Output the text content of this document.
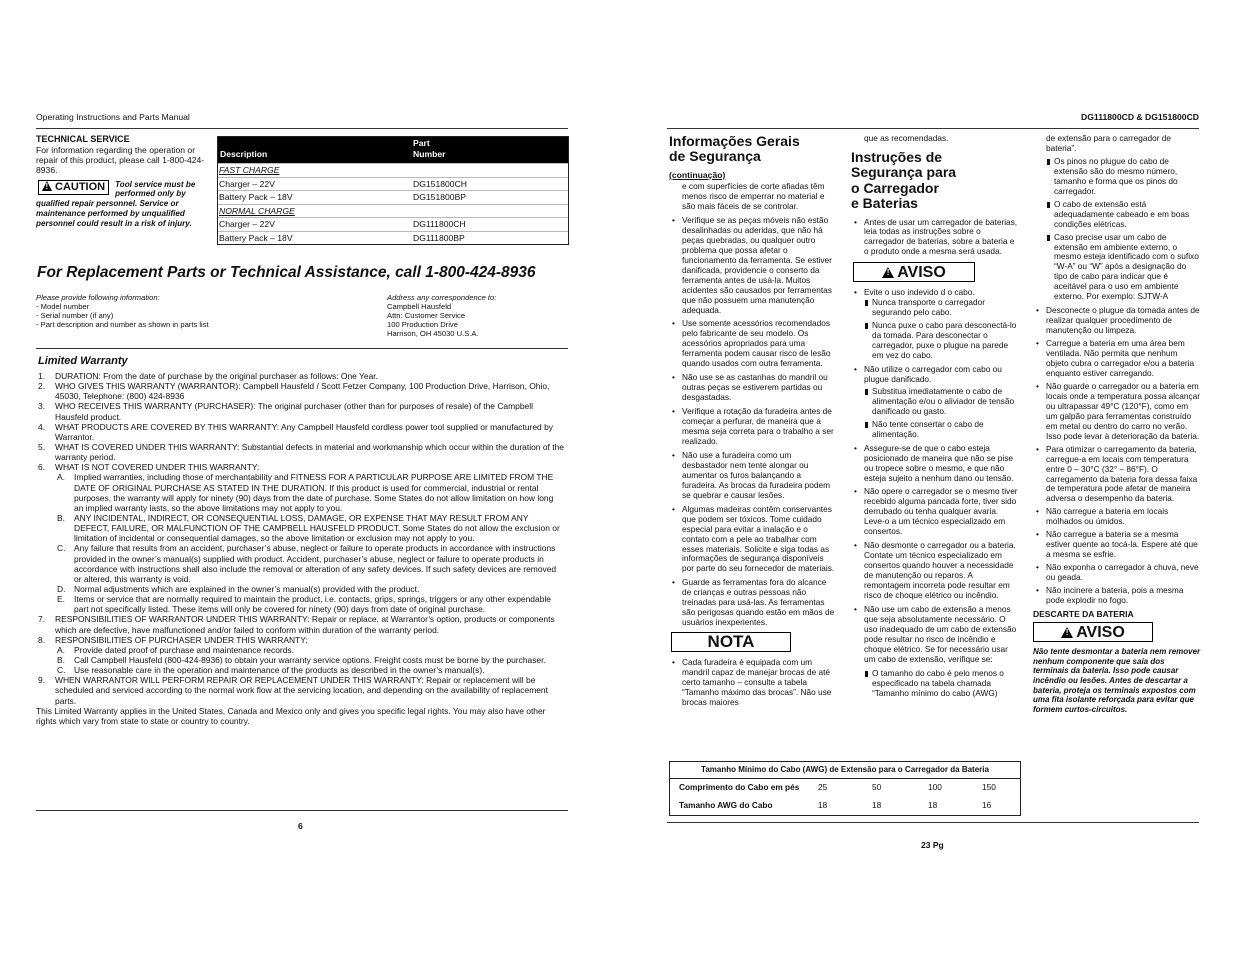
Operating Instructions and Parts Manual	DG111800CD & DG151800CD
TECHNICAL SERVICE
For information regarding the operation or repair of this product, please call 1-800-424-8936.
!CAUTION	Tool service must be performed only by qualified repair personnel. Service or maintenance performed by unqualified personnel could result in a risk of injury.
Description
Part
Number
FAST CHARGE
Charger – 22V	DG151800CH
Battery Pack – 18V	DG151800BP
NORMAL CHARGE
Charger – 22V	DG111800CH
Battery Pack – 18V	DG111800BP
For Replacement Parts or Technical Assistance, call 1-800-424-8936
Please provide following information:
- Model number
- Serial number (if any)
- Part description and number as shown in parts list
Address any correspondence to:
Campbell Hausfeld
Attn: Customer Service
100 Production Drive
Harrison, OH 45030 U.S.A.
Limited Warranty
1. DURATION: From the date of purchase by the original purchaser as follows: One Year.
2. WHO GIVES THIS WARRANTY (WARRANTOR): Campbell Hausfeld / Scott Fetzer Company, 100 Production Drive, Harrison, Ohio, 45030, Telephone: (800) 424-8936
3. WHO RECEIVES THIS WARRANTY (PURCHASER): The original purchaser (other than for purposes of resale) of the Campbell Hausfeld product.
4. WHAT PRODUCTS ARE COVERED BY THIS WARRANTY: Any Campbell Hausfeld cordless power tool supplied or manufactured by Warrantor.
5. WHAT IS COVERED UNDER THIS WARRANTY: Substantial defects in material and workmanship which occur within the duration of the warranty period.
6. WHAT IS NOT COVERED UNDER THIS WARRANTY:
A. Implied warranties, including those of merchantability and FITNESS FOR A PARTICULAR PURPOSE ARE LIMITED FROM THE DATE OF ORIGINAL PURCHASE AS STATED IN THE DURATION. If this product is used for commercial, industrial or rental purposes, the warranty will apply for ninety (90) days from the date of purchase. Some States do not allow limitation on how long an implied warranty lasts, so the above limitations may not apply to you.
B. ANY INCIDENTAL, INDIRECT, OR CONSEQUENTIAL LOSS, DAMAGE, OR EXPENSE THAT MAY RESULT FROM ANY DEFECT, FAILURE, OR MALFUNCTION OF THE CAMPBELL HAUSFELD PRODUCT. Some States do not allow the exclusion or limitation of incidental or consequential damages, so the above limitation or exclusion may not apply to you.
C. Any failure that results from an accident, purchaser’s abuse, neglect or failure to operate products in accordance with instructions provided in the owner’s manual(s) supplied with product. Accident, purchaser’s abuse, neglect or failure to operate products in accordance with instructions shall also include the removal or alteration of any safety devices. If such safety devices are removed or altered, this warranty is void.
D. Normal adjustments which are explained in the owner’s manual(s) provided with the product.
E. Items or service that are normally required to maintain the product, i.e. contacts, grips, springs, triggers or any other expendable part not specifically listed. These items will only be covered for ninety (90) days from date of original purchase.
7. RESPONSIBILITIES OF WARRANTOR UNDER THIS WARRANTY: Repair or replace, at Warrantor’s option, products or components which are defective, have malfunctioned and/or failed to conform within duration of the warranty period.
8. RESPONSIBILITIES OF PURCHASER UNDER THIS WARRANTY:
A. Provide dated proof of purchase and maintenance records.
B. Call Campbell Hausfeld (800-424-8936) to obtain your warranty service options. Freight costs must be borne by the purchaser.
C. Use reasonable care in the operation and maintenance of the products as described in the owner’s manual(s).
9. WHEN WARRANTOR WILL PERFORM REPAIR OR REPLACEMENT UNDER THIS WARRANTY: Repair or replacement will be scheduled and serviced according to the normal work flow at the servicing location, and depending on the availability of replacement parts.
This Limited Warranty applies in the United States, Canada and Mexico only and gives you specific legal rights. You may also have other rights which vary from state to state or country to country.
6
Informações Gerais
de Segurança
(continuação)
e com superfícies de corte afiadas têm menos risco de emperrar no material e são mais fáceis de se controlar.
• Verifique se as peças móveis não estão desalinhadas ou aderidas, que não há peças quebradas, ou qualquer outro problema que possa afetar o funcionamento da ferramenta. Se estiver danificada, providencie o conserto da ferramenta antes de usá-la. Muitos acidentes são causados por ferramentas que não possuem uma manutenção adequada.
• Use somente acessórios recomendados pelo fabricante de seu modelo. Os acessórios apropriados para uma ferramenta podem causar risco de lesão quando usados com outra ferramenta.
• Não use se as castanhas do mandril ou outras peças se estiverem partidas ou desgastadas.
• Verifique a rotação da furadeira antes de começar a perfurar, de maneira que a mesma seja correta para o trabalho a ser realizado.
• Não use a furadeira como um desbastador nem tente alongar ou aumentar os furos balançando a furadeira. As brocas da furadeira podem se quebrar e causar lesões.
• Algumas madeiras contêm conservantes que podem ser tóxicos. Tome cuidado especial para evitar a inalação e o contato com a pele ao trabalhar com esses materiais. Solicite e siga todas as informações de segurança disponíveis por parte do seu fornecedor de materiais.
• Guarde as ferramentas fora do alcance de crianças e outras pessoas não treinadas para usá-las. As ferramentas são perigosas quando estão em mãos de usuários inexperientes.
NOTA
• Cada furadeira é equipada com um mandril capaz de manejar brocas de até certo tamanho – consulte a tabela “Tamanho máximo das brocas”. Não use brocas maiores
que as recomendadas.
Instruções de
Segurança para
o Carregador
e Baterias
• Antes de usar um carregador de baterias, leia todas as instruções sobre o carregador de baterias, sobre a bateria e o produto onde a mesma será usada.
!
AVISO
• Evite o uso indevido d o cabo.
Nunca transporte o carregador segurando pelo cabo.
Nunca puxe o cabo para desconectá-lo da tomada. Para desconectar o carregador, puxe o plugue na parede em vez do cabo.
• Não utilize o carregador com cabo ou plugue danificado.
Substitua imediatamente o cabo de alimentação e/ou o aliviador de tensão danificado ou gasto.
Não tente consertar o cabo de alimentação.
• Assegure-se de que o cabo esteja posicionado de maneira que não se pise ou tropece sobre o mesmo, e que não esteja sujeito a nenhum dano ou tensão.
• Não opere o carregador se o mesmo tiver recebido alguma pancada forte, tiver sido derrubado ou tenha qualquer avaria. Leve-o a um técnico especializado em consertos.
• Não desmonte o carregador ou a bateria. Contate um técnico especializado em consertos quando houver a necessidade de manutenção ou reparos. A remontagem incorreta pode resultar em risco de choque elétrico ou incêndio.
• Não use um cabo de extensão a menos que seja absolutamente necessário. O uso inadequado de um cabo de extensão pode resultar no risco de incêndio e choque elétrico. Se for necessário usar um cabo de extensão, verifique se:
O tamanho do cabo é pelo menos o especificado na tabela chamada “Tamanho mínimo do cabo (AWG)
de extensão para o carregador de bateria”.
Os pinos no plugue do cabo de extensão são do mesmo número, tamanho e forma que os pinos do carregador.
O cabo de extensão está adequadamente cabeado e em boas condições elétricas.
Caso precise usar um cabo de extensão em ambiente externo, o mesmo esteja identificado com o sufixo “W-A” ou “W” após a designação do tipo de cabo para indicar que é aceitável para o uso em ambiente externo. Por exemplo: SJTW-A
• Desconecte o plugue da tomada antes de realizar qualquer procedimento de manutenção ou limpeza.
• Carregue a bateria em uma área bem ventilada. Não permita que nenhum objeto cubra o carregador e/ou a bateria enquanto estiver carregando.
• Não guarde o carregador ou a bateria em locais onde a temperatura possa alcançar ou ultrapassar 49°C (120°F), como em um galpão para ferramentas construído em metal ou dentro do carro no verão. Isso pode levar à deterioração da bateria.
• Para otimizar o carregamento da bateria, carregue-a em locais com temperatura entre 0 – 30°C (32° – 86°F). O carregamento da bateria fora dessa faixa de temperatura pode afetar de maneira adversa o desempenho da bateria.
• Não carregue a bateria em locais molhados ou úmidos.
• Não carregue a bateria se a mesma estiver quente ao tocá-la. Espere até que a mesma se esfrie.
• Não exponha o carregador à chuva, neve ou geada.
• Não incinere a bateria, pois a mesma pode explodir no fogo.
DESCARTE DA BATERIA
!
AVISO
Não tente desmontar a bateria nem remover nenhum componente que saia dos terminais da bateria. Isso pode causar incêndio ou lesões. Antes de descartar a bateria, proteja os terminais expostos com uma fita isolante reforçada para evitar que formem curtos-circuitos.
Tamanho Mínimo do Cabo (AWG) de Extensão para o Carregador da Bateria
Comprimento do Cabo em pés 25	50	100	150
Tamanho AWG do Cabo	18	18	18	16
23 Pg
